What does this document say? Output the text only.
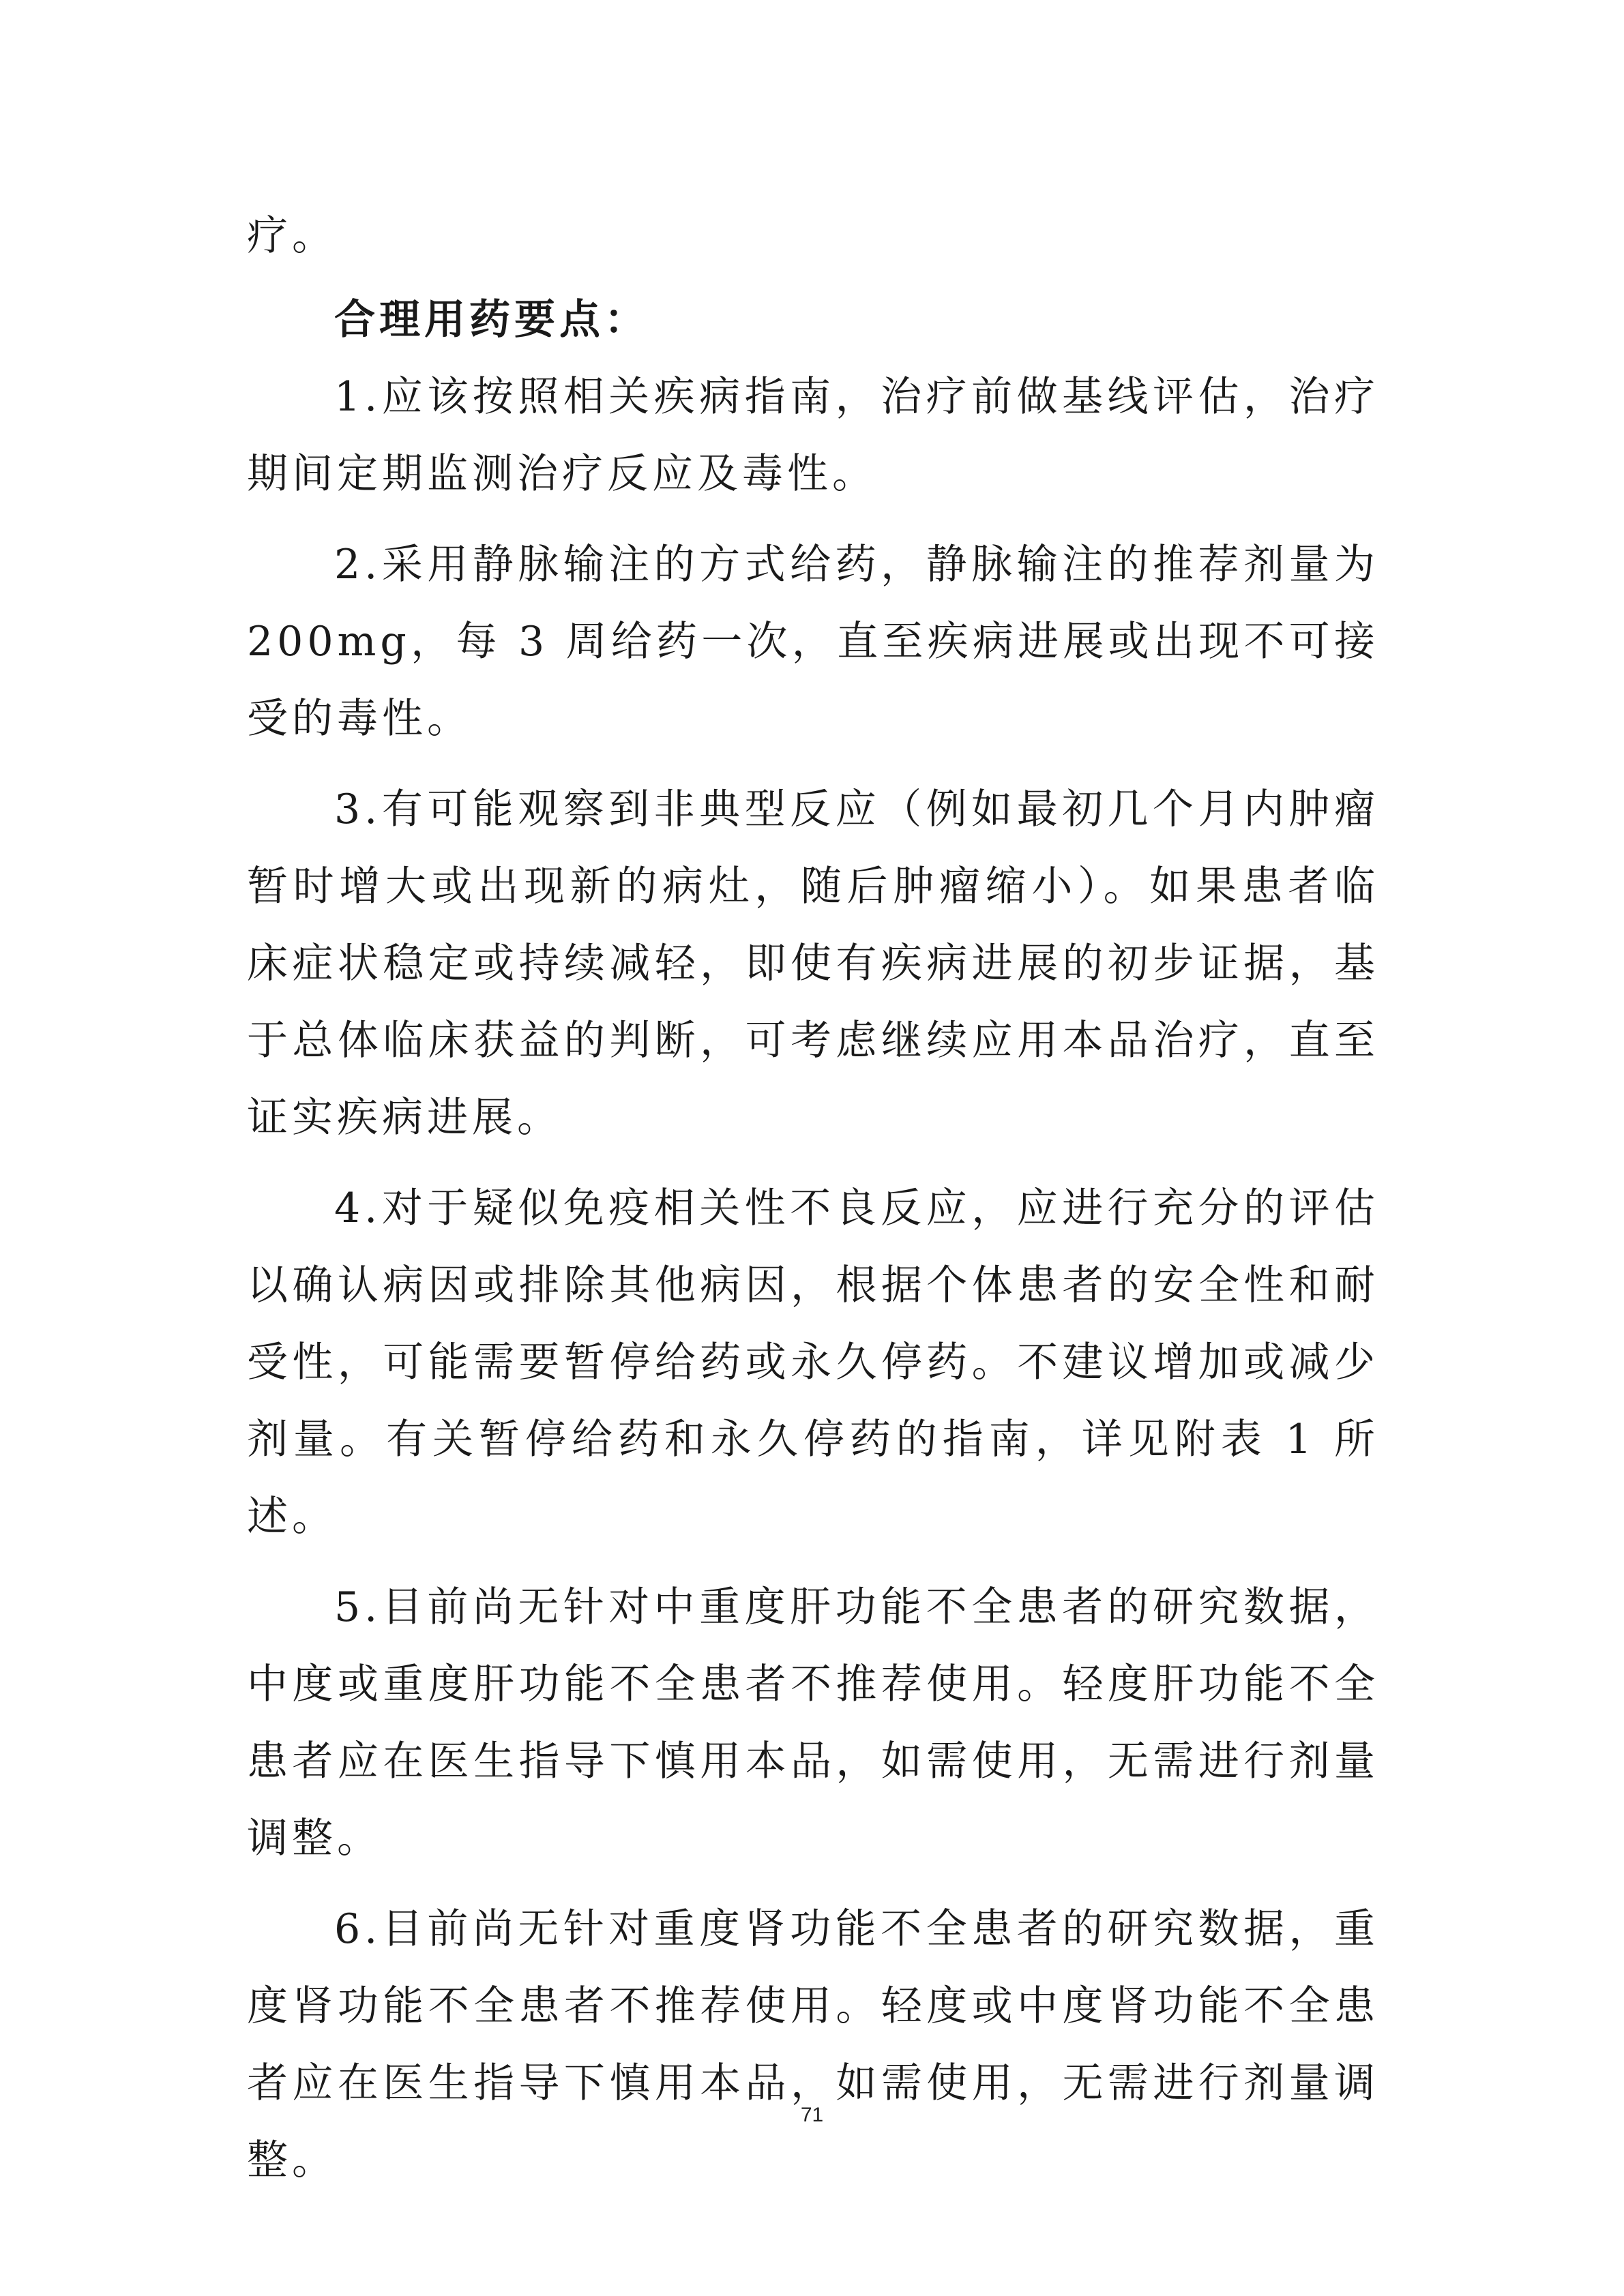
疗。

合理用药要点：

1.应该按照相关疾病指南，治疗前做基线评估，治疗期间定期监测治疗反应及毒性。

2.采用静脉输注的方式给药，静脉输注的推荐剂量为200mg，每 3 周给药一次，直至疾病进展或出现不可接受的毒性。

3.有可能观察到非典型反应（例如最初几个月内肿瘤暂时增大或出现新的病灶，随后肿瘤缩小）。如果患者临床症状稳定或持续减轻，即使有疾病进展的初步证据，基于总体临床获益的判断，可考虑继续应用本品治疗，直至证实疾病进展。

4.对于疑似免疫相关性不良反应，应进行充分的评估以确认病因或排除其他病因，根据个体患者的安全性和耐受性，可能需要暂停给药或永久停药。不建议增加或减少剂量。有关暂停给药和永久停药的指南，详见附表 1 所述。

5.目前尚无针对中重度肝功能不全患者的研究数据，中度或重度肝功能不全患者不推荐使用。轻度肝功能不全患者应在医生指导下慎用本品，如需使用，无需进行剂量调整。

6.目前尚无针对重度肾功能不全患者的研究数据，重度肾功能不全患者不推荐使用。轻度或中度肾功能不全患者应在医生指导下慎用本品，如需使用，无需进行剂量调整。

71
